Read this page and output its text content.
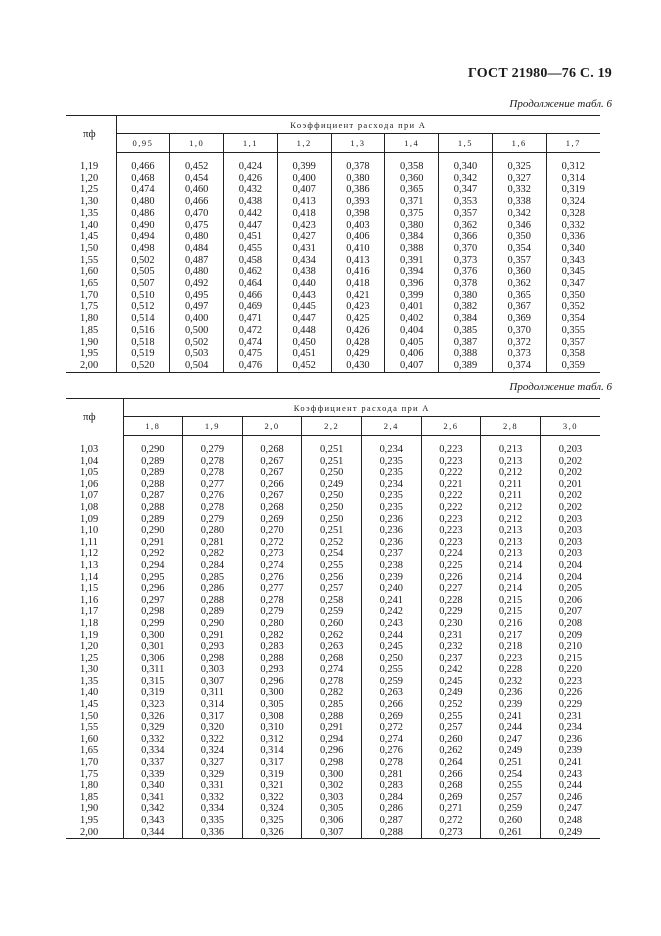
ГОСТ 21980—76 С. 19
Продолжение табл. 6
πф	Коэффициент расхода при A								
	0,95	1,0	1,1	1,2	1,3	1,4	1,5	1,6	1,7
1,19	0,466	0,452	0,424	0,399	0,378	0,358	0,340	0,325	0,312
1,20	0,468	0,454	0,426	0,400	0,380	0,360	0,342	0,327	0,314
1,25	0,474	0,460	0,432	0,407	0,386	0,365	0,347	0,332	0,319
1,30	0,480	0,466	0,438	0,413	0,393	0,371	0,353	0,338	0,324
1,35	0,486	0,470	0,442	0,418	0,398	0,375	0,357	0,342	0,328
1,40	0,490	0,475	0,447	0,423	0,403	0,380	0,362	0,346	0,332
1,45	0,494	0,480	0,451	0,427	0,406	0,384	0,366	0,350	0,336
1,50	0,498	0,484	0,455	0,431	0,410	0,388	0,370	0,354	0,340
1,55	0,502	0,487	0,458	0,434	0,413	0,391	0,373	0,357	0,343
1,60	0,505	0,480	0,462	0,438	0,416	0,394	0,376	0,360	0,345
1,65	0,507	0,492	0,464	0,440	0,418	0,396	0,378	0,362	0,347
1,70	0,510	0,495	0,466	0,443	0,421	0,399	0,380	0,365	0,350
1,75	0,512	0,497	0,469	0,445	0,423	0,401	0,382	0,367	0,352
1,80	0,514	0,400	0,471	0,447	0,425	0,402	0,384	0,369	0,354
1,85	0,516	0,500	0,472	0,448	0,426	0,404	0,385	0,370	0,355
1,90	0,518	0,502	0,474	0,450	0,428	0,405	0,387	0,372	0,357
1,95	0,519	0,503	0,475	0,451	0,429	0,406	0,388	0,373	0,358
2,00	0,520	0,504	0,476	0,452	0,430	0,407	0,389	0,374	0,359
Продолжение табл. 6
πф	Коэффициент расхода при A							
	1,8	1,9	2,0	2,2	2,4	2,6	2,8	3,0
1,03	0,290	0,279	0,268	0,251	0,234	0,223	0,213	0,203
1,04	0,289	0,278	0,267	0,251	0,235	0,223	0,213	0,202
1,05	0,289	0,278	0,267	0,250	0,235	0,222	0,212	0,202
1,06	0,288	0,277	0,266	0,249	0,234	0,221	0,211	0,201
1,07	0,287	0,276	0,267	0,250	0,235	0,222	0,211	0,202
1,08	0,288	0,278	0,268	0,250	0,235	0,222	0,212	0,202
1,09	0,289	0,279	0,269	0,250	0,236	0,223	0,212	0,203
1,10	0,290	0,280	0,270	0,251	0,236	0,223	0,213	0,203
1,11	0,291	0,281	0,272	0,252	0,236	0,223	0,213	0,203
1,12	0,292	0,282	0,273	0,254	0,237	0,224	0,213	0,203
1,13	0,294	0,284	0,274	0,255	0,238	0,225	0,214	0,204
1,14	0,295	0,285	0,276	0,256	0,239	0,226	0,214	0,204
1,15	0,296	0,286	0,277	0,257	0,240	0,227	0,214	0,205
1,16	0,297	0,288	0,278	0,258	0,241	0,228	0,215	0,206
1,17	0,298	0,289	0,279	0,259	0,242	0,229	0,215	0,207
1,18	0,299	0,290	0,280	0,260	0,243	0,230	0,216	0,208
1,19	0,300	0,291	0,282	0,262	0,244	0,231	0,217	0,209
1,20	0,301	0,293	0,283	0,263	0,245	0,232	0,218	0,210
1,25	0,306	0,298	0,288	0,268	0,250	0,237	0,223	0,215
1,30	0,311	0,303	0,293	0,274	0,255	0,242	0,228	0,220
1,35	0,315	0,307	0,296	0,278	0,259	0,245	0,232	0,223
1,40	0,319	0,311	0,300	0,282	0,263	0,249	0,236	0,226
1,45	0,323	0,314	0,305	0,285	0,266	0,252	0,239	0,229
1,50	0,326	0,317	0,308	0,288	0,269	0,255	0,241	0,231
1,55	0,329	0,320	0,310	0,291	0,272	0,257	0,244	0,234
1,60	0,332	0,322	0,312	0,294	0,274	0,260	0,247	0,236
1,65	0,334	0,324	0,314	0,296	0,276	0,262	0,249	0,239
1,70	0,337	0,327	0,317	0,298	0,278	0,264	0,251	0,241
1,75	0,339	0,329	0,319	0,300	0,281	0,266	0,254	0,243
1,80	0,340	0,331	0,321	0,302	0,283	0,268	0,255	0,244
1,85	0,341	0,332	0,322	0,303	0,284	0,269	0,257	0,246
1,90	0,342	0,334	0,324	0,305	0,286	0,271	0,259	0,247
1,95	0,343	0,335	0,325	0,306	0,287	0,272	0,260	0,248
2,00	0,344	0,336	0,326	0,307	0,288	0,273	0,261	0,249
